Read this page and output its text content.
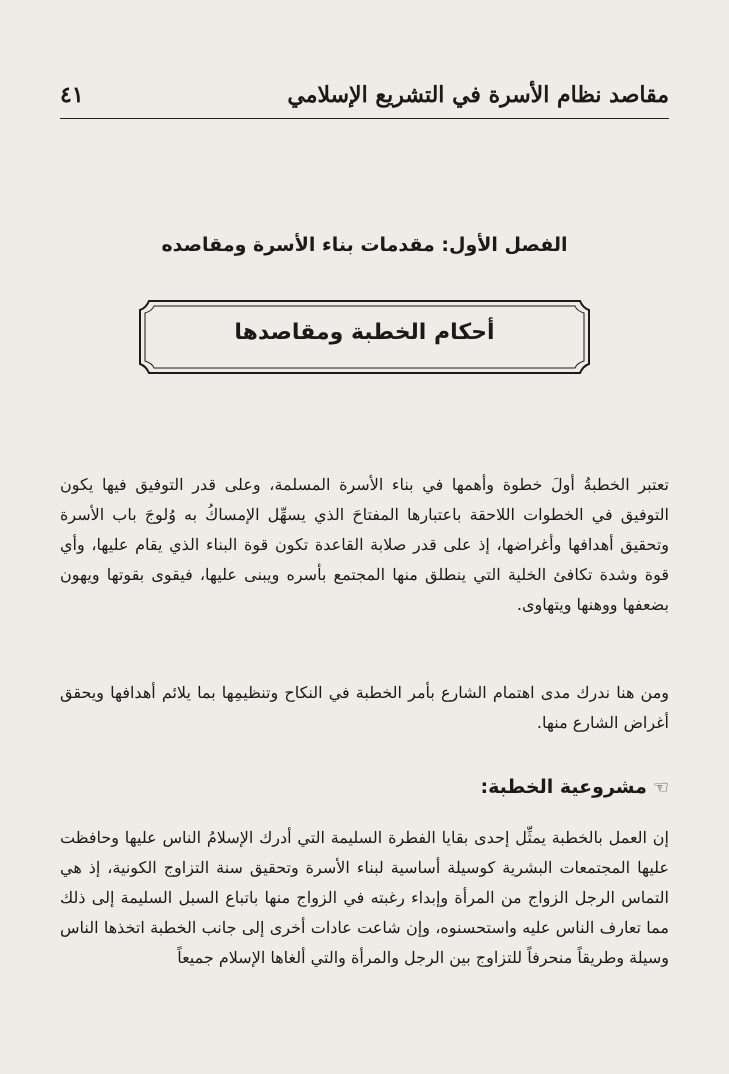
مقاصد نظام الأسرة في التشريع الإسلامي
٤١
الفصل الأول: مقدمات بناء الأسرة ومقاصده
أحكام الخطبة ومقاصدها
تعتبر الخطبةُ أولَ خطوة وأهمها في بناء الأسرة المسلمة، وعلى قدر التوفيق فيها يكون التوفيق في الخطوات اللاحقة باعتبارها المفتاحَ الذي يسهِّل الإمساكُ به وُلوجَ باب الأسرة وتحقيق أهدافها وأغراضها، إذ على قدر صلابة القاعدة تكون قوة البناء الذي يقام عليها، وأي قوة وشدة تكافئ الخلية التي ينطلق منها المجتمع بأسره ويبنى عليها، فيقوى بقوتها ويهون بضعفها ووهنها ويتهاوى.
ومن هنا ندرك مدى اهتمام الشارع بأمر الخطبة في النكاح وتنظيمِها بما يلائم أهدافها ويحقق أغراض الشارع منها.
☜مشروعية الخطبة:
إن العمل بالخطبة يمثِّل إحدى بقايا الفطرة السليمة التي أدرك الإسلامُ الناس عليها وحافظت عليها المجتمعات البشرية كوسيلة أساسية لبناء الأسرة وتحقيق سنة التزاوج الكونية، إذ هي التماس الرجل الزواج من المرأة وإبداء رغبته في الزواج منها باتباع السبل السليمة إلى ذلك مما تعارف الناس عليه واستحسنوه، وإن شاعت عادات أخرى إلى جانب الخطبة اتخذها الناس وسيلة وطريقاً منحرفاً للتزاوج بين الرجل والمرأة والتي ألغاها الإسلام جميعاً
